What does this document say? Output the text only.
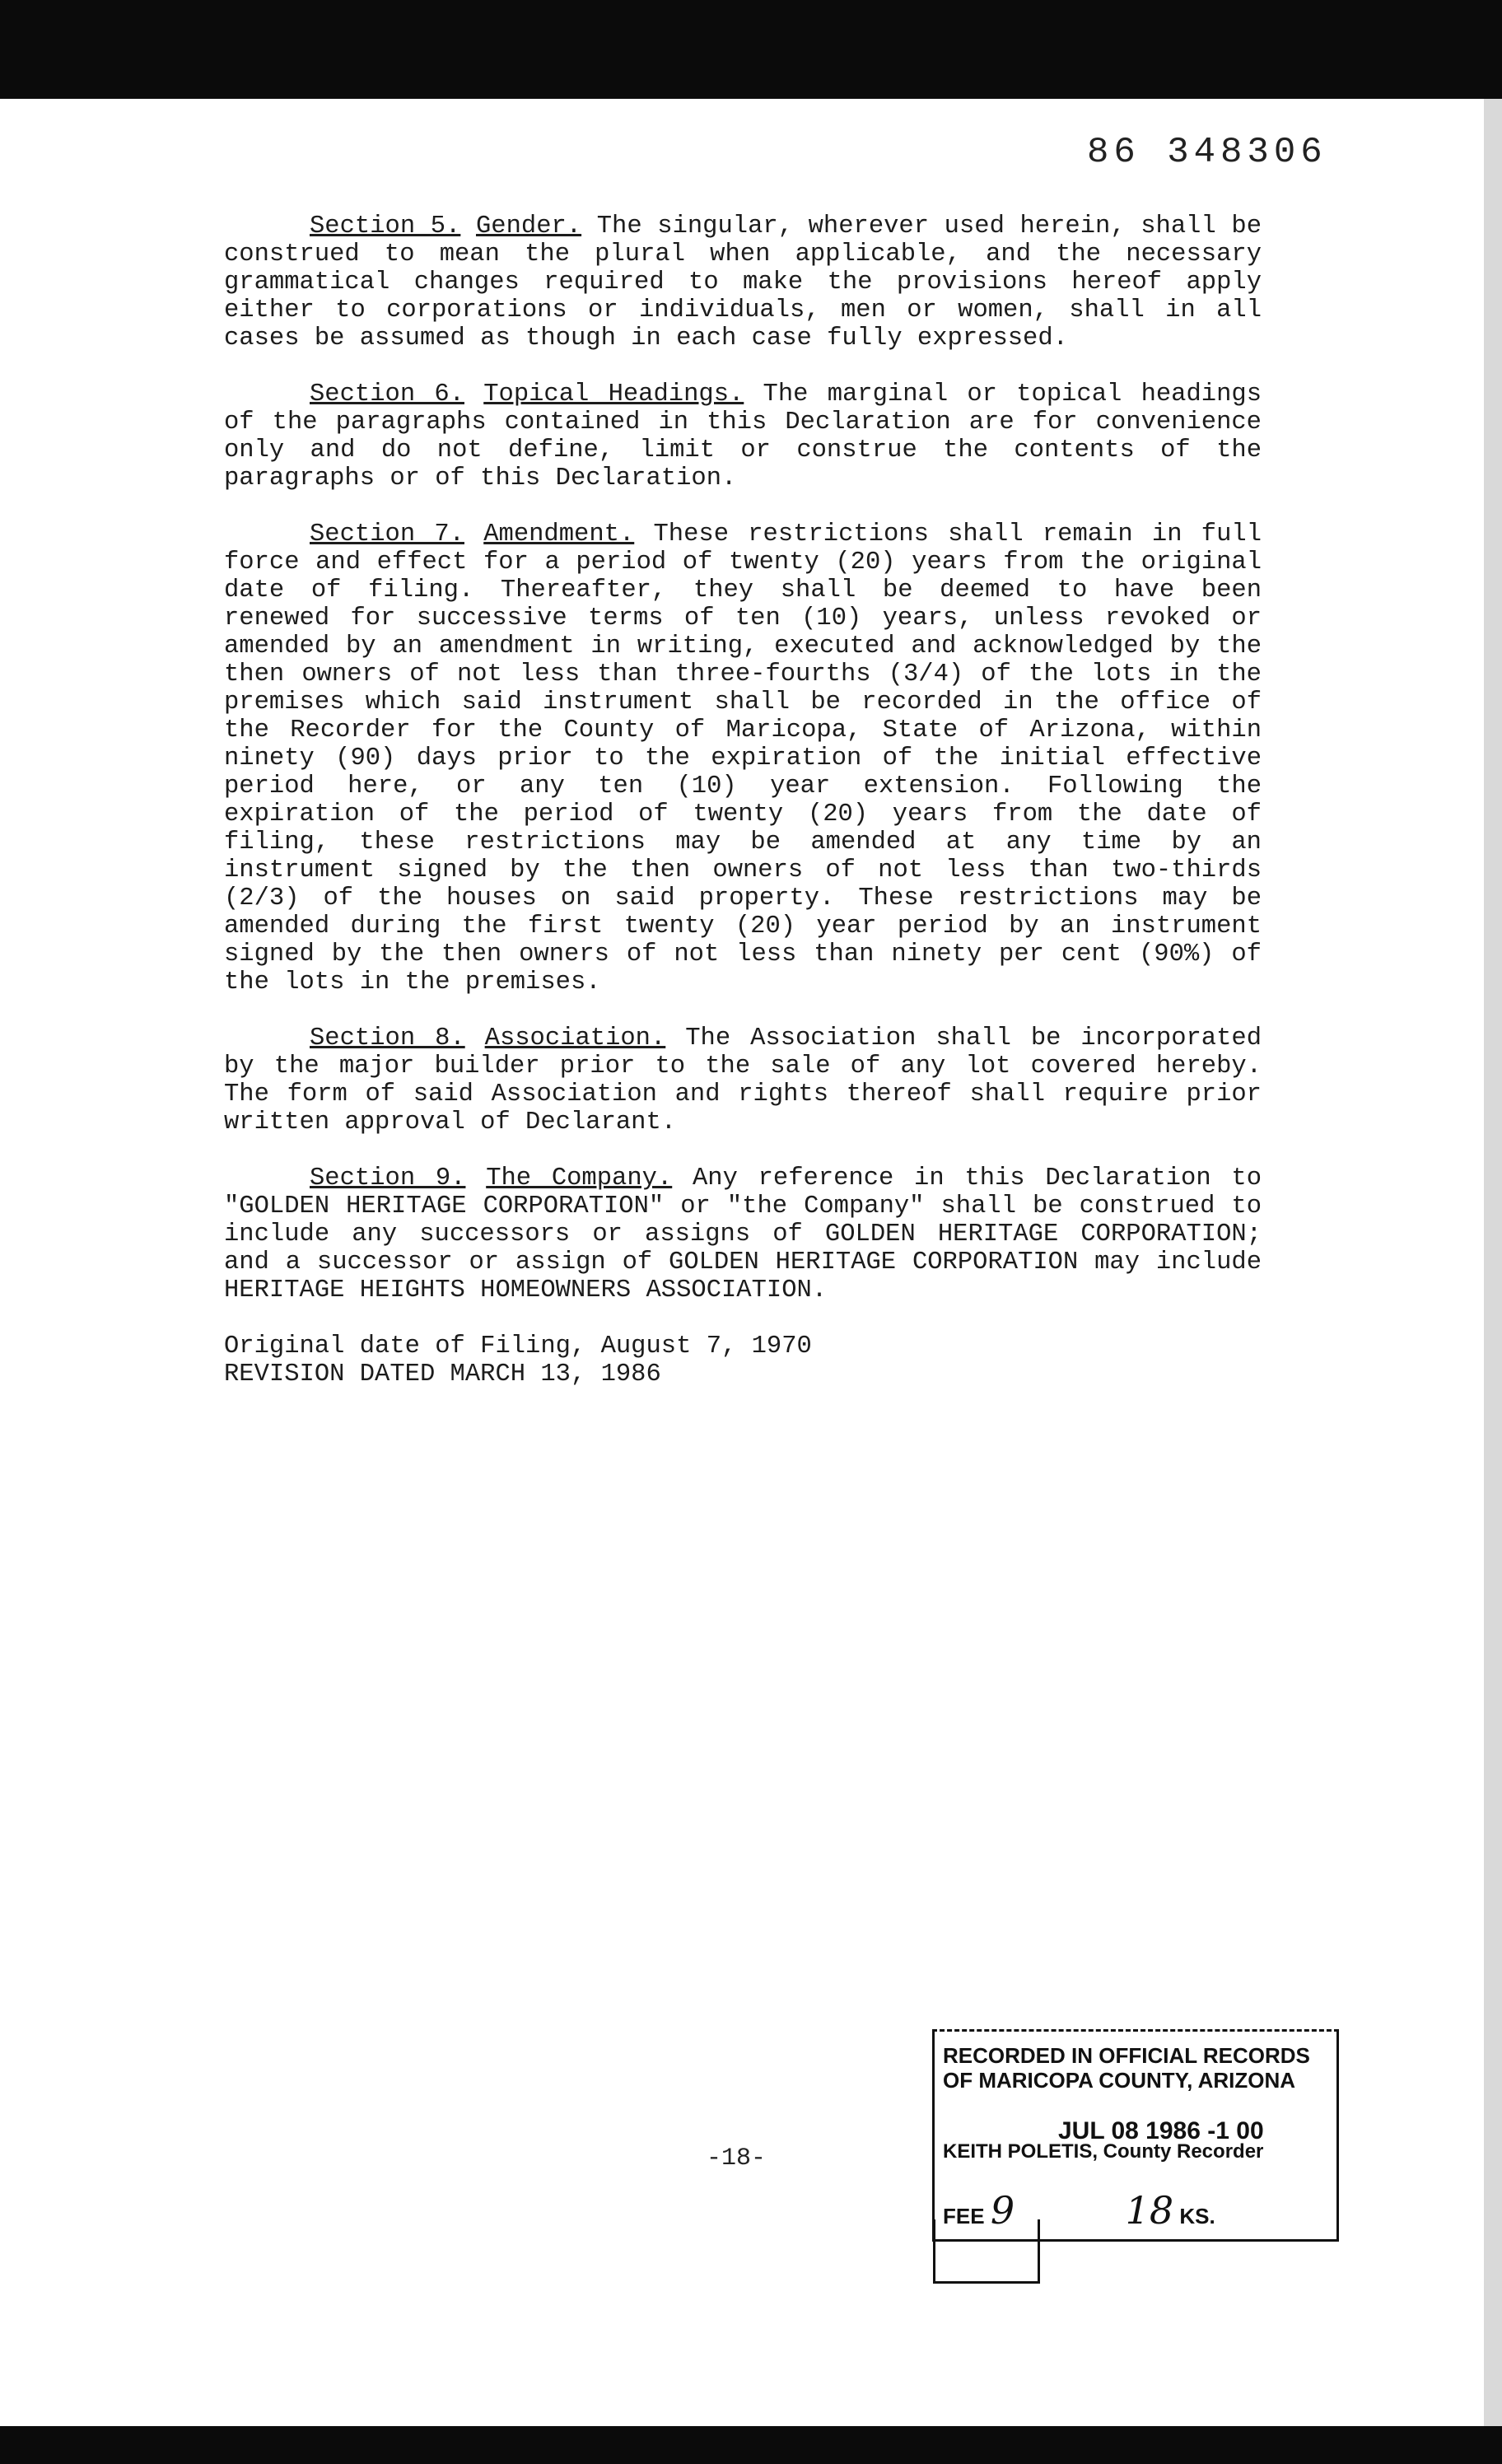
86 348306

Section 5. Gender. The singular, wherever used herein, shall be construed to mean the plural when applicable, and the necessary grammatical changes required to make the provisions hereof apply either to corporations or individuals, men or women, shall in all cases be assumed as though in each case fully expressed.

Section 6. Topical Headings. The marginal or topical headings of the paragraphs contained in this Declaration are for convenience only and do not define, limit or construe the contents of the paragraphs or of this Declaration.

Section 7. Amendment. These restrictions shall remain in full force and effect for a period of twenty (20) years from the original date of filing. Thereafter, they shall be deemed to have been renewed for successive terms of ten (10) years, unless revoked or amended by an amendment in writing, executed and acknowledged by the then owners of not less than three-fourths (3/4) of the lots in the premises which said instrument shall be recorded in the office of the Recorder for the County of Maricopa, State of Arizona, within ninety (90) days prior to the expiration of the initial effective period here, or any ten (10) year extension. Following the expiration of the period of twenty (20) years from the date of filing, these restrictions may be amended at any time by an instrument signed by the then owners of not less than two-thirds (2/3) of the houses on said property. These restrictions may be amended during the first twenty (20) year period by an instrument signed by the then owners of not less than ninety per cent (90%) of the lots in the premises.

Section 8. Association. The Association shall be incorporated by the major builder prior to the sale of any lot covered hereby. The form of said Association and rights thereof shall require prior written approval of Declarant.

Section 9. The Company. Any reference in this Declaration to "GOLDEN HERITAGE CORPORATION" or "the Company" shall be construed to include any successors or assigns of GOLDEN HERITAGE CORPORATION; and a successor or assign of GOLDEN HERITAGE CORPORATION may include HERITAGE HEIGHTS HOMEOWNERS ASSOCIATION.

Original date of Filing, August 7, 1970
REVISION DATED MARCH 13, 1986
-18-
RECORDED IN OFFICIAL RECORDS
OF MARICOPA COUNTY, ARIZONA
JUL 08 1986 -1 00
KEITH POLETIS, County Recorder
FEE 9	18 KS.
